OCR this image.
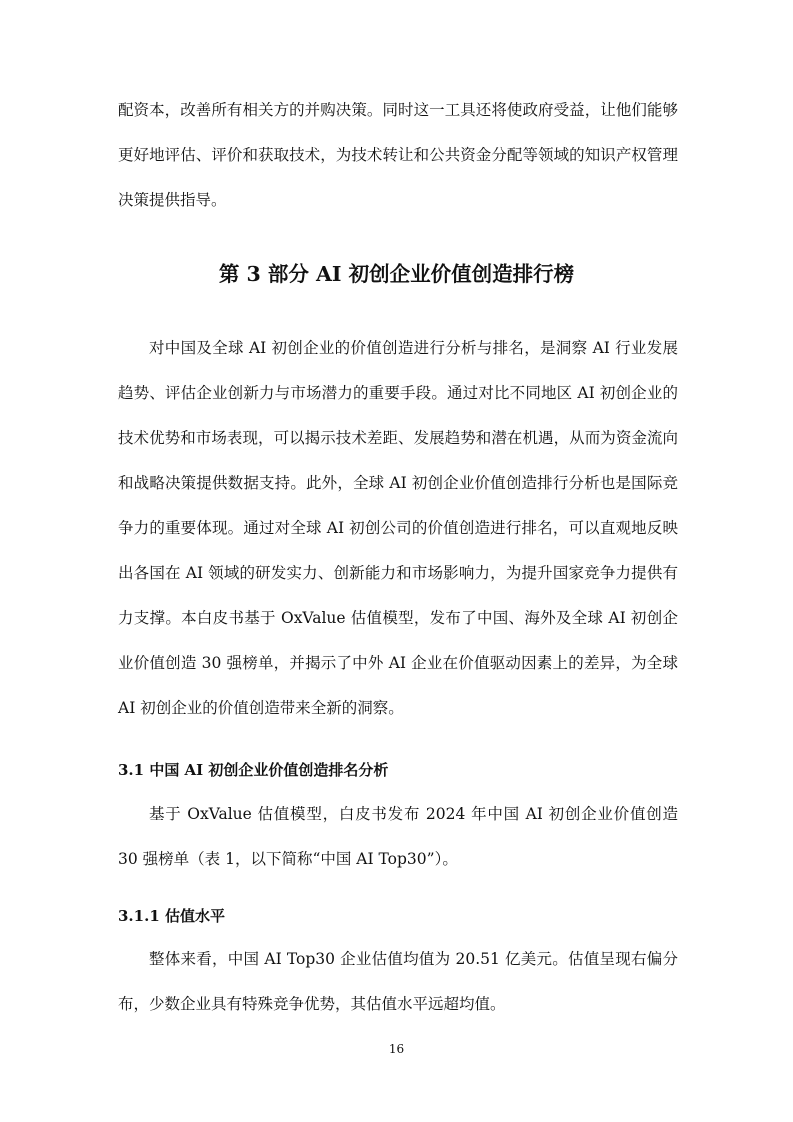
配资本，改善所有相关方的并购决策。同时这一工具还将使政府受益，让他们能够更好地评估、评价和获取技术，为技术转让和公共资金分配等领域的知识产权管理决策提供指导。

第 3 部分 AI 初创企业价值创造排行榜

对中国及全球 AI 初创企业的价值创造进行分析与排名，是洞察 AI 行业发展趋势、评估企业创新力与市场潜力的重要手段。通过对比不同地区 AI 初创企业的技术优势和市场表现，可以揭示技术差距、发展趋势和潜在机遇，从而为资金流向和战略决策提供数据支持。此外，全球 AI 初创企业价值创造排行分析也是国际竞争力的重要体现。通过对全球 AI 初创公司的价值创造进行排名，可以直观地反映出各国在 AI 领域的研发实力、创新能力和市场影响力，为提升国家竞争力提供有力支撑。本白皮书基于 OxValue 估值模型，发布了中国、海外及全球 AI 初创企业价值创造 30 强榜单，并揭示了中外 AI 企业在价值驱动因素上的差异，为全球 AI 初创企业的价值创造带来全新的洞察。

3.1 中国 AI 初创企业价值创造排名分析

基于 OxValue 估值模型，白皮书发布 2024 年中国 AI 初创企业价值创造 30 强榜单（表 1，以下简称“中国 AI Top30”）。

3.1.1 估值水平

整体来看，中国 AI Top30 企业估值均值为 20.51 亿美元。估值呈现右偏分布，少数企业具有特殊竞争优势，其估值水平远超均值。

16
